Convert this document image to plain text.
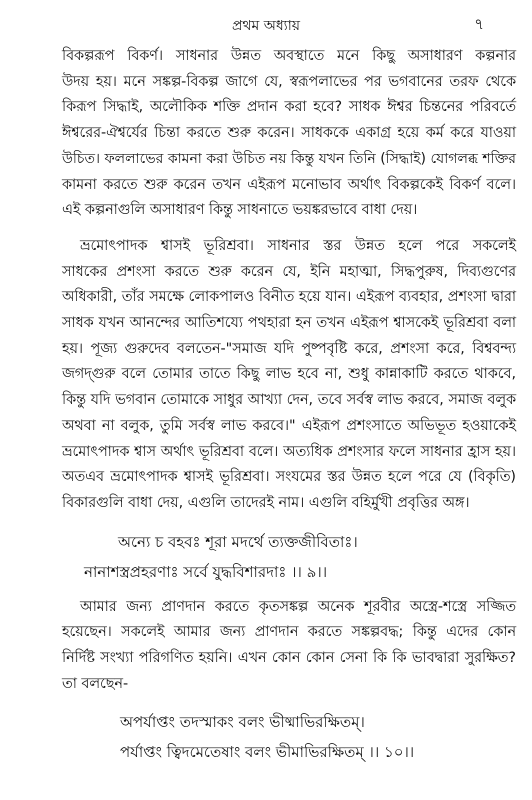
প্রথম অধ্যায়	৭

বিকল্পরূপ বিকর্ণ। সাধনার উন্নত অবস্থাতে মনে কিছু অসাধারণ কল্পনার
উদয় হয়। মনে সঙ্কল্প-বিকল্প জাগে যে, স্বরূপলাভের পর ভগবানের তরফ থেকে
কিরূপ সিদ্ধাই, অলৌকিক শক্তি প্রদান করা হবে? সাধক ঈশ্বর চিন্তনের পরিবর্তে
ঈশ্বরের-ঐশ্বর্যের চিন্তা করতে শুরু করেন। সাধককে একাগ্র হয়ে কর্ম করে যাওয়া
উচিত। ফললাভের কামনা করা উচিত নয় কিন্তু যখন তিনি (সিদ্ধাই) যোগলব্ধ শক্তির
কামনা করতে শুরু করেন তখন এইরূপ মনোভাব অর্থাৎ বিকল্পকেই বিকর্ণ বলে।
এই কল্পনাগুলি অসাধারণ কিন্তু সাধনাতে ভয়ঙ্করভাবে বাধা দেয়।

ভ্রমোৎপাদক শ্বাসই ভূরিশ্রবা। সাধনার স্তর উন্নত হলে পরে সকলেই
সাধকের প্রশংসা করতে শুরু করেন যে, ইনি মহাত্মা, সিদ্ধপুরুষ, দিব্যগুণের
অধিকারী, তাঁর সমক্ষে লোকপালও বিনীত হয়ে যান। এইরূপ ব্যবহার, প্রশংসা দ্বারা
সাধক যখন আনন্দের আতিশয্যে পথহারা হন তখন এইরূপ শ্বাসকেই ভূরিশ্রবা বলা
হয়। পূজ্য গুরুদেব বলতেন-"সমাজ যদি পুষ্পবৃষ্টি করে, প্রশংসা করে, বিশ্ববন্দ্য
জগদ্গুরু বলে তোমার তাতে কিছু লাভ হবে না, শুধু কান্নাকাটি করতে থাকবে,
কিন্তু যদি ভগবান তোমাকে সাধুর আখ্যা দেন, তবে সর্বস্ব লাভ করবে, সমাজ বলুক
অথবা না বলুক, তুমি সর্বস্ব লাভ করবে।" এইরূপ প্রশংসাতে অভিভূত হওয়াকেই
ভ্রমোৎপাদক শ্বাস অর্থাৎ ভূরিশ্রবা বলে। অত্যধিক প্রশংসার ফলে সাধনার হ্রাস হয়।
অতএব ভ্রমোৎপাদক শ্বাসই ভূরিশ্রবা। সংযমের স্তর উন্নত হলে পরে যে (বিকৃতি)
বিকারগুলি বাধা দেয়, এগুলি তাদেরই নাম। এগুলি বহির্মুখী প্রবৃত্তির অঙ্গ।

অন্যে চ বহবঃ শূরা মদর্থে ত্যক্তজীবিতাঃ।
নানাশস্ত্রপ্রহরণাঃ সর্বে যুদ্ধবিশারদাঃ ।। ৯।।

আমার জন্য প্রাণদান করতে কৃতসঙ্কল্প অনেক শূরবীর অস্ত্রে-শস্ত্রে সজ্জিত
হয়েছেন। সকলেই আমার জন্য প্রাণদান করতে সঙ্কল্পবদ্ধ; কিন্তু এদের কোন
নির্দিষ্ট সংখ্যা পরিগণিত হয়নি। এখন কোন কোন সেনা কি কি ভাবদ্বারা সুরক্ষিত?
তা বলছেন-

অপর্যাপ্তং তদস্মাকং বলং ভীষ্মাভিরক্ষিতম্।
পর্যাপ্তং ত্বিদমেতেষাং বলং ভীমাভিরক্ষিতম্ ।। ১০।।
